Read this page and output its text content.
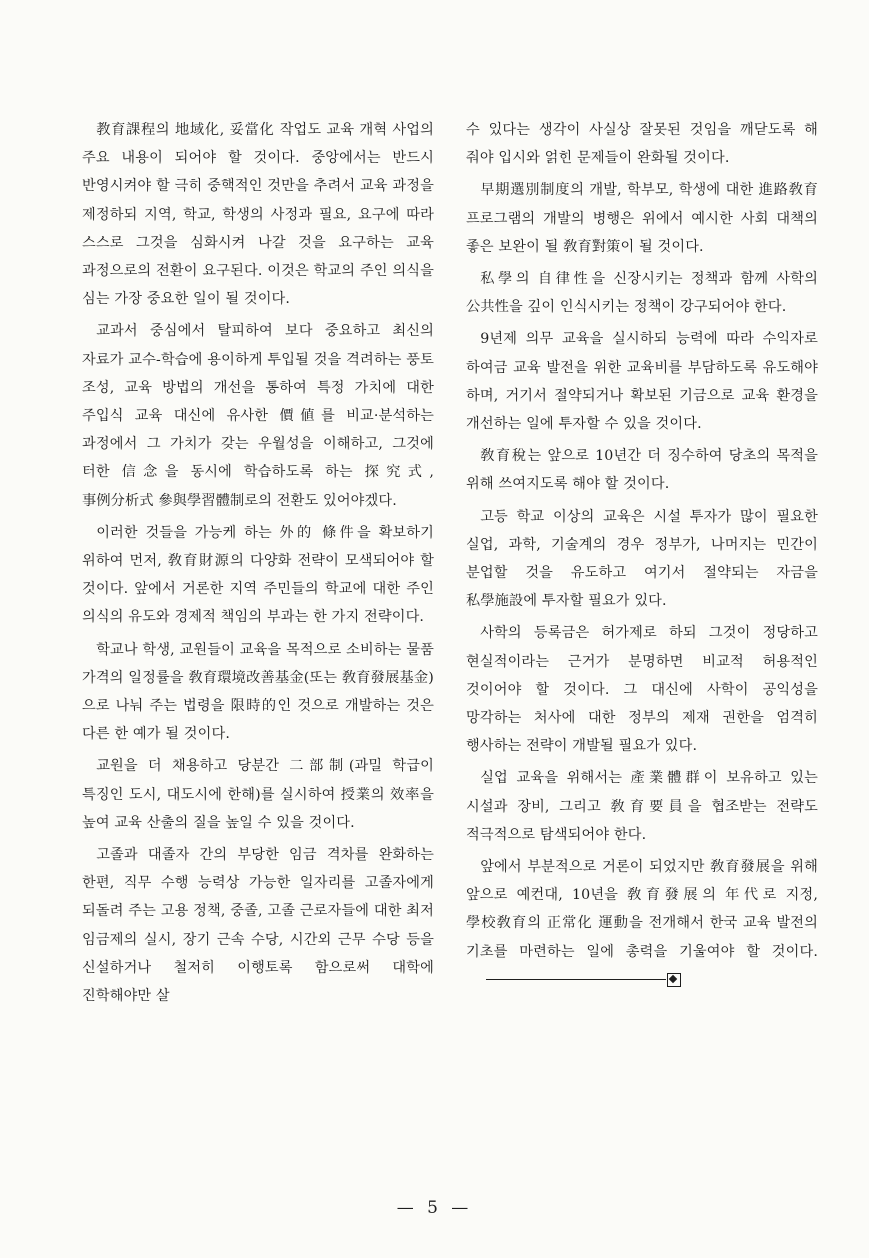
教育課程의 地域化, 妥當化 작업도 교육 개혁 사업의 주요 내용이 되어야 할 것이다. 중앙에서는 반드시 반영시켜야 할 극히 중핵적인 것만을 추려서 교육 과정을 제정하되 지역, 학교, 학생의 사정과 필요, 요구에 따라 스스로 그것을 심화시켜 나갈 것을 요구하는 교육 과정으로의 전환이 요구된다. 이것은 학교의 주인 의식을 심는 가장 중요한 일이 될 것이다.

교과서 중심에서 탈피하여 보다 중요하고 최신의 자료가 교수-학습에 용이하게 투입될 것을 격려하는 풍토 조성, 교육 방법의 개선을 통하여 특정 가치에 대한 주입식 교육 대신에 유사한 價値를 비교·분석하는 과정에서 그 가치가 갖는 우월성을 이해하고, 그것에 터한 信念을 동시에 학습하도록 하는 探究式, 事例分析式 參與學習體制로의 전환도 있어야겠다.

이러한 것들을 가능케 하는 外的 條件을 확보하기 위하여 먼저, 敎育財源의 다양화 전략이 모색되어야 할 것이다. 앞에서 거론한 지역 주민들의 학교에 대한 주인 의식의 유도와 경제적 책임의 부과는 한 가지 전략이다.

학교나 학생, 교원들이 교육을 목적으로 소비하는 물품 가격의 일정률을 敎育環境改善基金(또는 敎育發展基金)으로 나눠 주는 법령을 限時的인 것으로 개발하는 것은 다른 한 예가 될 것이다.

교원을 더 채용하고 당분간 二部制(과밀 학급이 특징인 도시, 대도시에 한해)를 실시하여 授業의 效率을 높여 교육 산출의 질을 높일 수 있을 것이다.

고졸과 대졸자 간의 부당한 임금 격차를 완화하는 한편, 직무 수행 능력상 가능한 일자리를 고졸자에게 되돌려 주는 고용 정책, 중졸, 고졸 근로자들에 대한 최저 임금제의 실시, 장기 근속 수당, 시간외 근무 수당 등을 신설하거나 철저히 이행토록 함으로써 대학에 진학해야만 살

수 있다는 생각이 사실상 잘못된 것임을 깨닫도록 해 줘야 입시와 얽힌 문제들이 완화될 것이다.

早期選別制度의 개발, 학부모, 학생에 대한 進路敎育 프로그램의 개발의 병행은 위에서 예시한 사회 대책의 좋은 보완이 될 敎育對策이 될 것이다.

私學의 自律性을 신장시키는 정책과 함께 사학의 公共性을 깊이 인식시키는 정책이 강구되어야 한다.

9년제 의무 교육을 실시하되 능력에 따라 수익자로 하여금 교육 발전을 위한 교육비를 부담하도록 유도해야 하며, 거기서 절약되거나 확보된 기금으로 교육 환경을 개선하는 일에 투자할 수 있을 것이다.

敎育稅는 앞으로 10년간 더 징수하여 당초의 목적을 위해 쓰여지도록 해야 할 것이다.

고등 학교 이상의 교육은 시설 투자가 많이 필요한 실업, 과학, 기술계의 경우 정부가, 나머지는 민간이 분업할 것을 유도하고 여기서 절약되는 자금을 私學施設에 투자할 필요가 있다.

사학의 등록금은 허가제로 하되 그것이 정당하고 현실적이라는 근거가 분명하면 비교적 허용적인 것이어야 할 것이다. 그 대신에 사학이 공익성을 망각하는 처사에 대한 정부의 제재 권한을 엄격히 행사하는 전략이 개발될 필요가 있다.

실업 교육을 위해서는 產業體群이 보유하고 있는 시설과 장비, 그리고 敎育要員을 협조받는 전략도 적극적으로 탐색되어야 한다.

앞에서 부분적으로 거론이 되었지만 敎育發展을 위해 앞으로 예컨대, 10년을 敎育發展의 年代로 지정, 學校敎育의 正常化 運動을 전개해서 한국 교육 발전의 기초를 마련하는 일에 총력을 기울여야 할 것이다.

— 5 —
